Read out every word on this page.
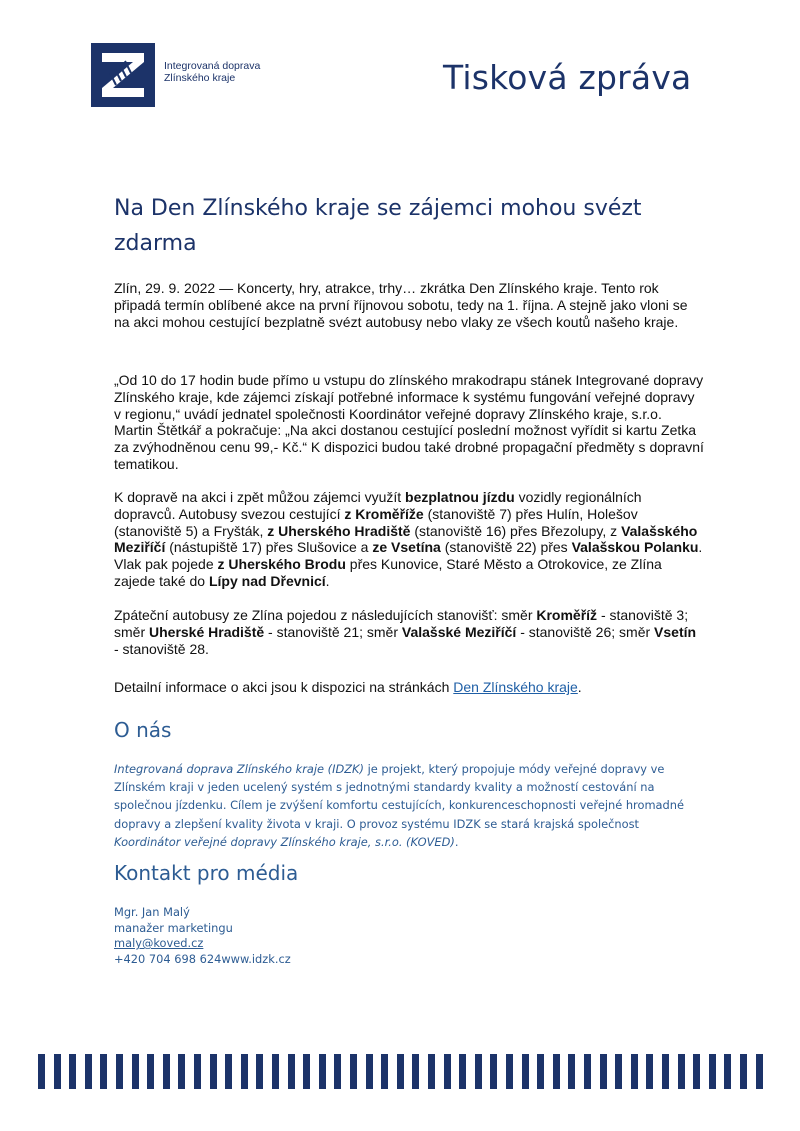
Integrovaná doprava
Zlínského kraje	Tisková zpráva
Na Den Zlínského kraje se zájemci mohou svézt zdarma

Zlín, 29. 9. 2022 — Koncerty, hry, atrakce, trhy… zkrátka Den Zlínského kraje. Tento rok připadá termín oblíbené akce na první říjnovou sobotu, tedy na 1. října. A stejně jako vloni se na akci mohou cestující bezplatně svézt autobusy nebo vlaky ze všech koutů našeho kraje.

„Od 10 do 17 hodin bude přímo u vstupu do zlínského mrakodrapu stánek Integrované dopravy Zlínského kraje, kde zájemci získají potřebné informace k systému fungování veřejné dopravy v regionu,“ uvádí jednatel společnosti Koordinátor veřejné dopravy Zlínského kraje, s.r.o. Martin Štětkář a pokračuje: „Na akci dostanou cestující poslední možnost vyřídit si kartu Zetka za zvýhodněnou cenu 99,- Kč.“ K dispozici budou také drobné propagační předměty s dopravní tematikou.

K dopravě na akci i zpět můžou zájemci využít bezplatnou jízdu vozidly regionálních dopravců. Autobusy svezou cestující z Kroměříže (stanoviště 7) přes Hulín, Holešov (stanoviště 5) a Fryšták, z Uherského Hradiště (stanoviště 16) přes Březolupy, z Valašského Meziříčí (nástupiště 17) přes Slušovice a ze Vsetína (stanoviště 22) přes Valašskou Polanku. Vlak pak pojede z Uherského Brodu přes Kunovice, Staré Město a Otrokovice, ze Zlína zajede také do Lípy nad Dřevnicí.

Zpáteční autobusy ze Zlína pojedou z následujících stanovišť: směr Kroměříž - stanoviště 3; směr Uherské Hradiště - stanoviště 21; směr Valašské Meziříčí - stanoviště 26; směr Vsetín - stanoviště 28.

Detailní informace o akci jsou k dispozici na stránkách Den Zlínského kraje.

O nás

Integrovaná doprava Zlínského kraje (IDZK) je projekt, který propojuje módy veřejné dopravy ve Zlínském kraji v jeden ucelený systém s jednotnými standardy kvality a možností cestování na společnou jízdenku. Cílem je zvýšení komfortu cestujících, konkurenceschopnosti veřejné hromadné dopravy a zlepšení kvality života v kraji. O provoz systému IDZK se stará krajská společnost Koordinátor veřejné dopravy Zlínského kraje, s.r.o. (KOVED).

Kontakt pro média
Mgr. Jan Malý
manažer marketingu
maly@koved.cz
+420 704 698 624www.idzk.cz
